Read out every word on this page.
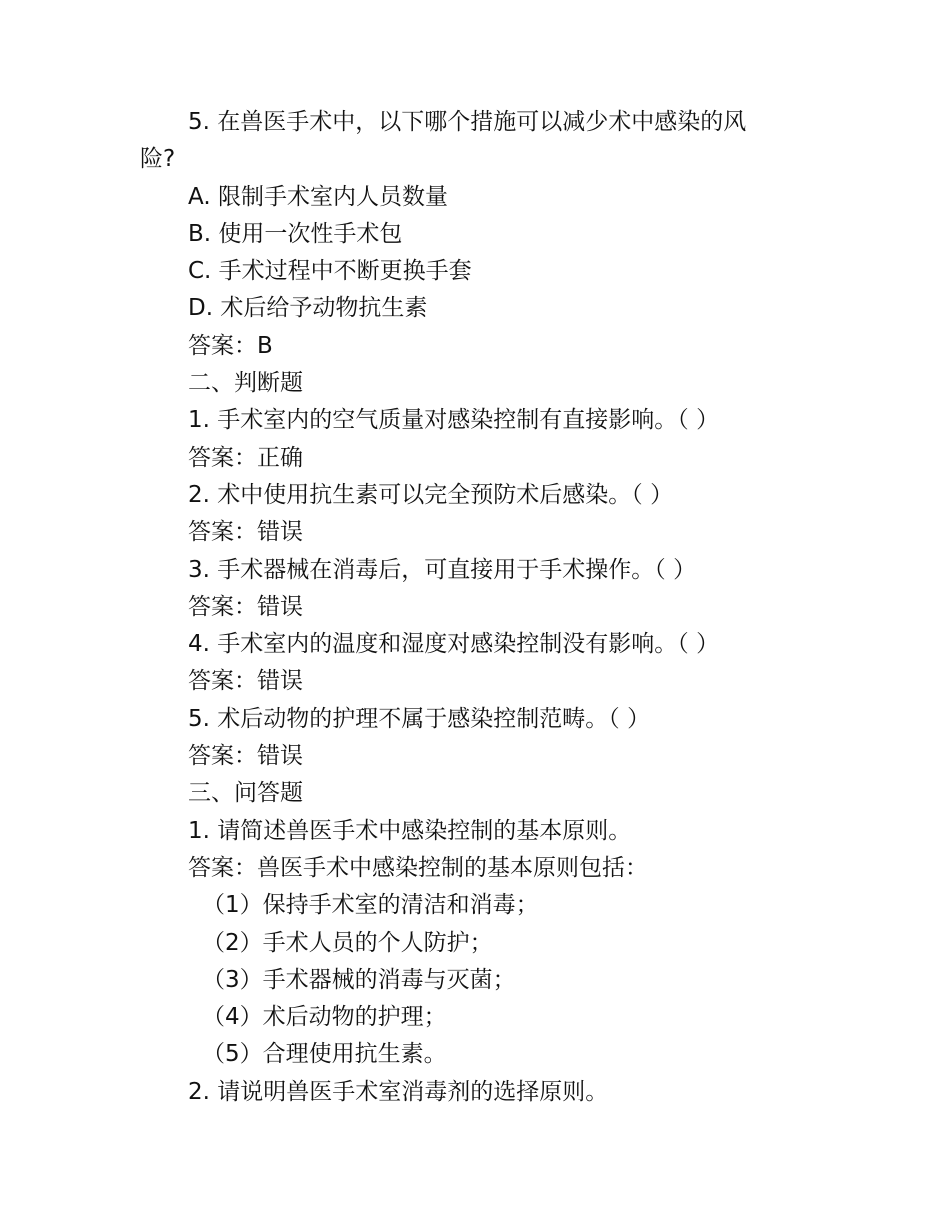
5. 在兽医手术中，以下哪个措施可以减少术中感染的风
险?
A. 限制手术室内人员数量
B. 使用一次性手术包
C. 手术过程中不断更换手套
D. 术后给予动物抗生素
答案：B
二、判断题
1. 手术室内的空气质量对感染控制有直接影响。（ ）
答案：正确
2. 术中使用抗生素可以完全预防术后感染。（ ）
答案：错误
3. 手术器械在消毒后，可直接用于手术操作。（ ）
答案：错误
4. 手术室内的温度和湿度对感染控制没有影响。（ ）
答案：错误
5. 术后动物的护理不属于感染控制范畴。（ ）
答案：错误
三、问答题
1. 请简述兽医手术中感染控制的基本原则。
答案：兽医手术中感染控制的基本原则包括：
（1）保持手术室的清洁和消毒；
（2）手术人员的个人防护；
（3）手术器械的消毒与灭菌；
（4）术后动物的护理；
（5）合理使用抗生素。
2. 请说明兽医手术室消毒剂的选择原则。
